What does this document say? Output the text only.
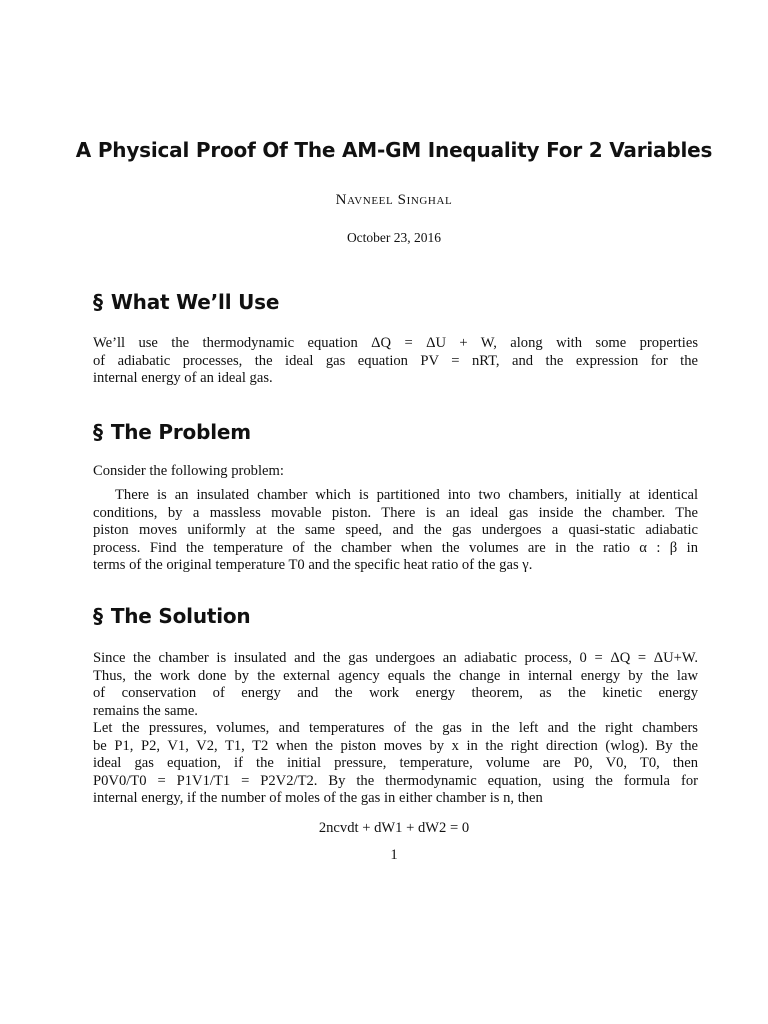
A Physical Proof Of The AM-GM Inequality For 2 Variables
Navneel Singhal
October 23, 2016
§ What We’ll Use
We’ll use the thermodynamic equation ΔQ = ΔU + W, along with some properties
of adiabatic processes, the ideal gas equation PV = nRT, and the expression for the
internal energy of an ideal gas.
§ The Problem
Consider the following problem:
There is an insulated chamber which is partitioned into two chambers, initially at identical
conditions, by a massless movable piston. There is an ideal gas inside the chamber. The
piston moves uniformly at the same speed, and the gas undergoes a quasi-static adiabatic
process. Find the temperature of the chamber when the volumes are in the ratio α : β in
terms of the original temperature T0 and the specific heat ratio of the gas γ.
§ The Solution
Since the chamber is insulated and the gas undergoes an adiabatic process, 0 = ΔQ = ΔU+W.
Thus, the work done by the external agency equals the change in internal energy by the law
of conservation of energy and the work energy theorem, as the kinetic energy
remains the same.
Let the pressures, volumes, and temperatures of the gas in the left and the right chambers
be P1, P2, V1, V2, T1, T2 when the piston moves by x in the right direction (wlog). By the
ideal gas equation, if the initial pressure, temperature, volume are P0, V0, T0, then
P0V0/T0 = P1V1/T1 = P2V2/T2. By the thermodynamic equation, using the formula for
internal energy, if the number of moles of the gas in either chamber is n, then
2ncvdt + dW1 + dW2 = 0
1
